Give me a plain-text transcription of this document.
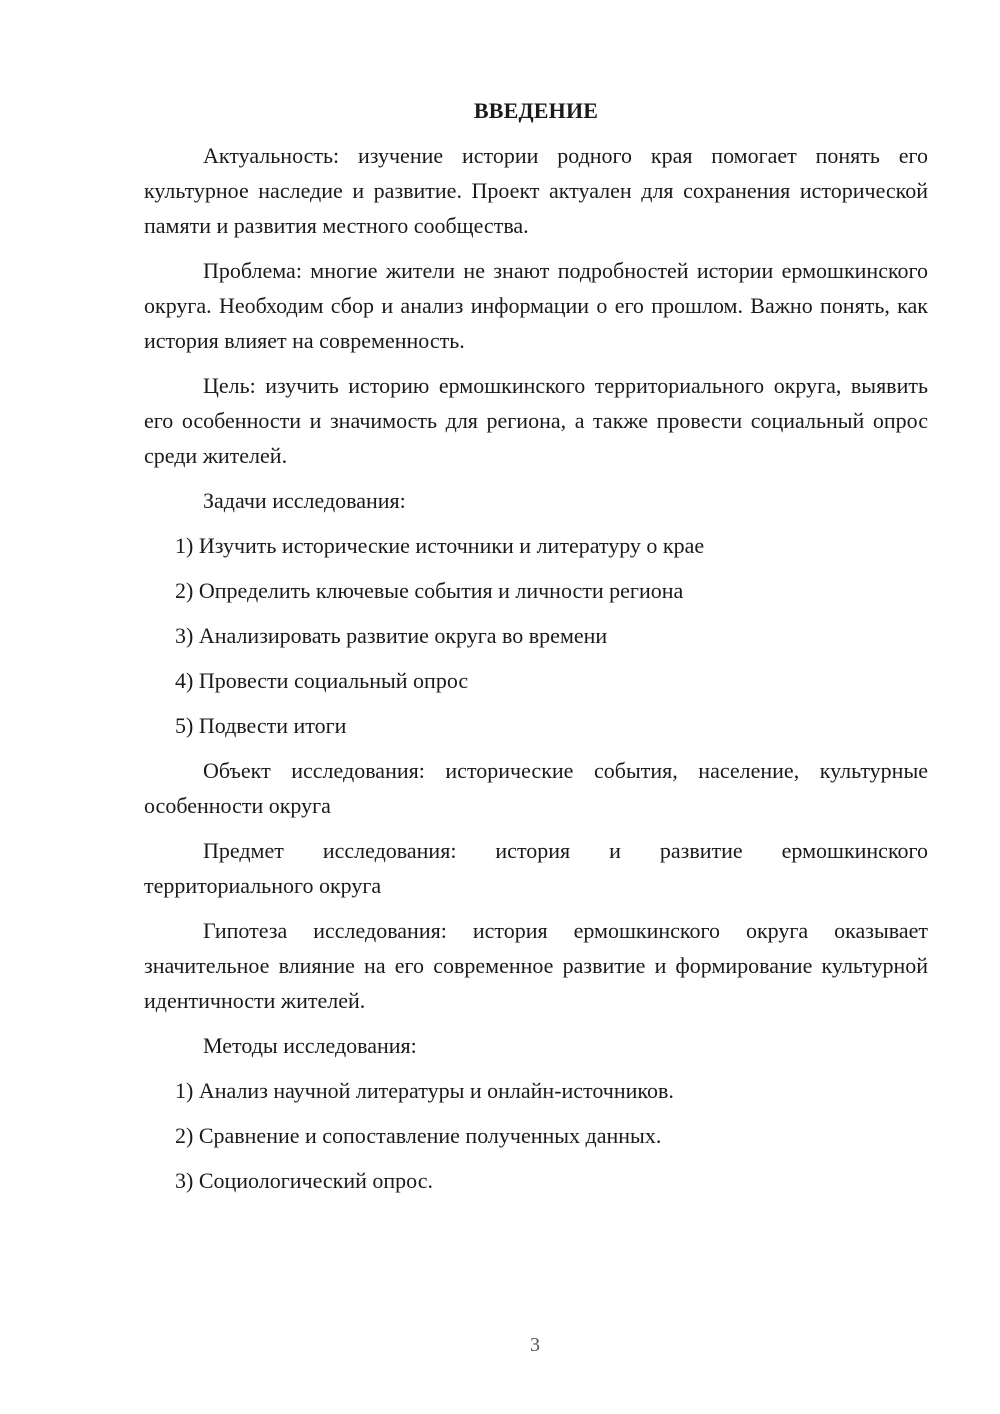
ВВЕДЕНИЕ

Актуальность: изучение истории родного края помогает понять его культурное наследие и развитие. Проект актуален для сохранения исторической памяти и развития местного сообщества.

Проблема: многие жители не знают подробностей истории ермошкинского округа. Необходим сбор и анализ информации о его прошлом. Важно понять, как история влияет на современность.

Цель: изучить историю ермошкинского территориального округа, выявить его особенности и значимость для региона, а также провести социальный опрос среди жителей.

Задачи исследования:

1) Изучить исторические источники и литературу о крае
2) Определить ключевые события и личности региона
3) Анализировать развитие округа во времени
4) Провести социальный опрос
5) Подвести итоги

Объект исследования: исторические события, население, культурные особенности округа

Предмет исследования: история и развитие ермошкинского территориального округа

Гипотеза исследования: история ермошкинского округа оказывает значительное влияние на его современное развитие и формирование культурной идентичности жителей.

Методы исследования:

1) Анализ научной литературы и онлайн-источников.
2) Сравнение и сопоставление полученных данных.
3) Социологический опрос.
3
